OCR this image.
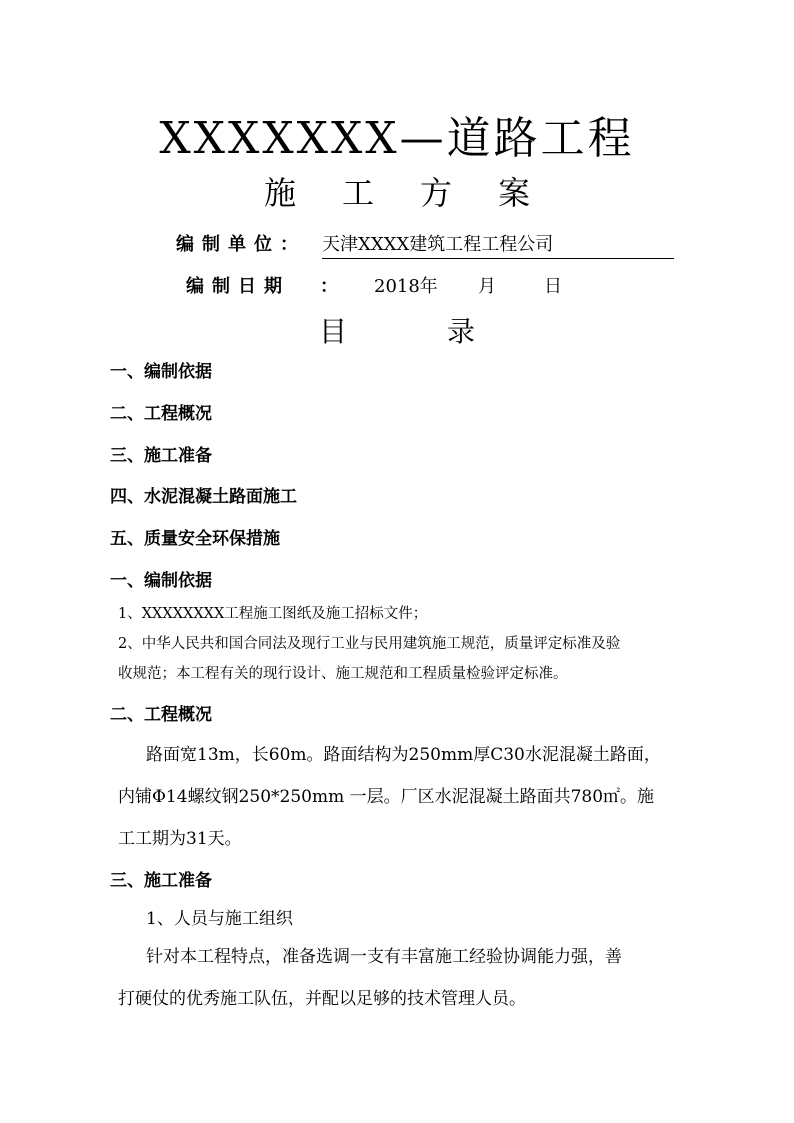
XXXXXXX—道路工程
施 工 方 案
编制单位： 天津XXXX建筑工程工程公司
编制日期 ： 2018年 月	日
目	录
一、编制依据
二、工程概况
三、施工准备
四、水泥混凝土路面施工
五、质量安全环保措施
一、编制依据
1、XXXXXXXX工程施工图纸及施工招标文件；
2、中华人民共和国合同法及现行工业与民用建筑施工规范，质量评定标准及验
收规范；本工程有关的现行设计、施工规范和工程质量检验评定标准。
二、工程概况
路面宽13m，长60m。路面结构为250mm厚C30水泥混凝土路面，
内铺Φ14螺纹钢250*250mm 一层。厂区水泥混凝土路面共780㎡。施
工工期为31天。
三、施工准备
1、人员与施工组织
针对本工程特点，准备选调一支有丰富施工经验协调能力强，善
打硬仗的优秀施工队伍，并配以足够的技术管理人员。
